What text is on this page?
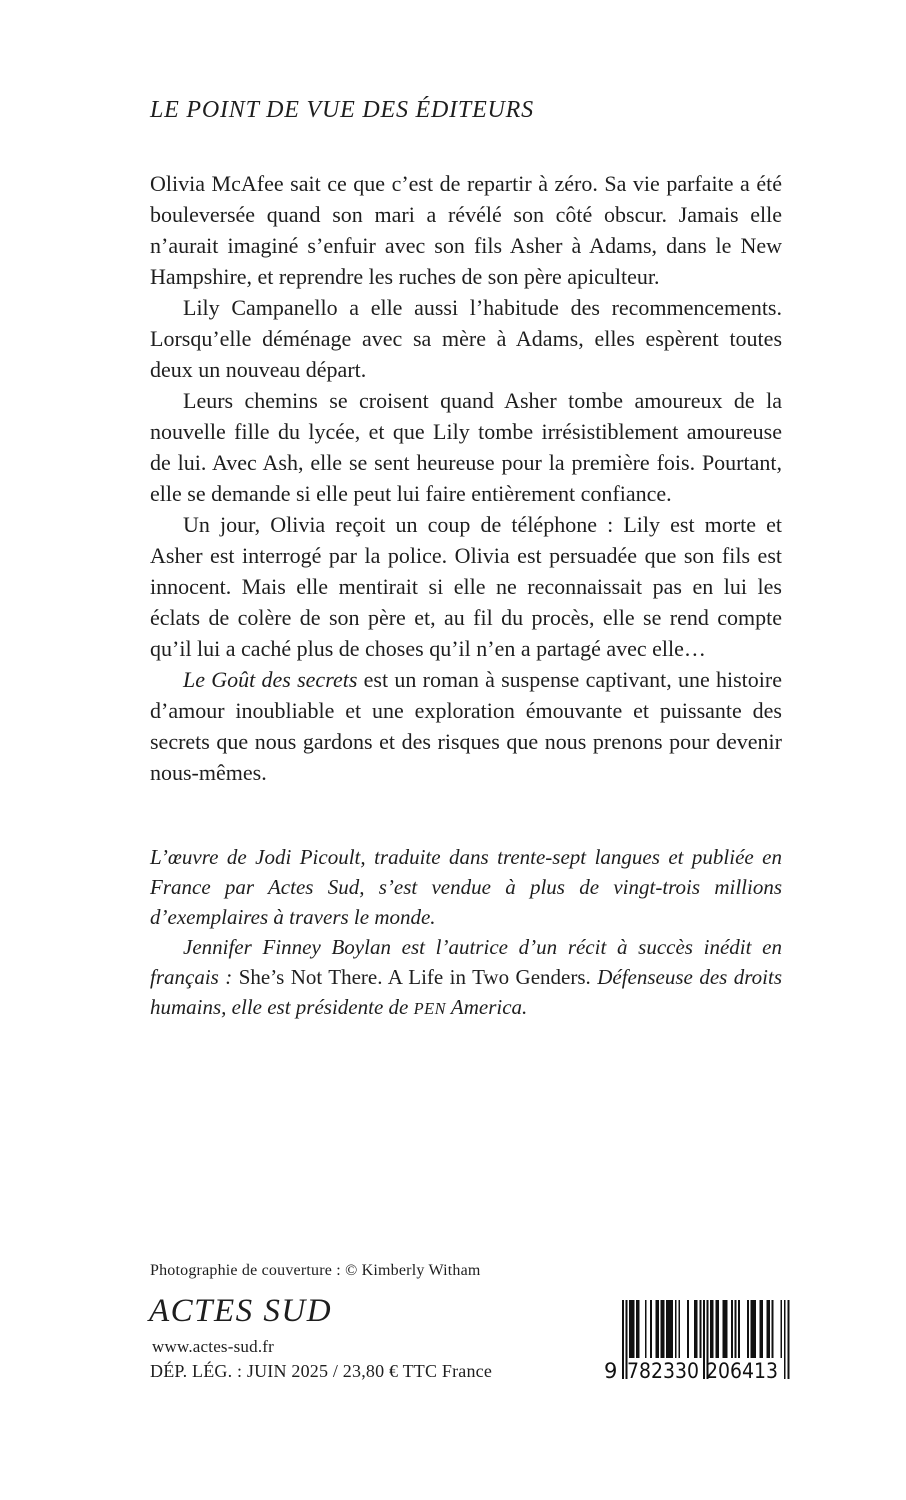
LE POINT DE VUE DES ÉDITEURS

Olivia McAfee sait ce que c’est de repartir à zéro. Sa vie parfaite a été bouleversée quand son mari a révélé son côté obscur. Jamais elle n’aurait imaginé s’enfuir avec son fils Asher à Adams, dans le New Hampshire, et reprendre les ruches de son père apiculteur.

Lily Campanello a elle aussi l’habitude des recommencements. Lorsqu’elle déménage avec sa mère à Adams, elles espèrent toutes deux un nouveau départ.

Leurs chemins se croisent quand Asher tombe amoureux de la nouvelle fille du lycée, et que Lily tombe irrésistiblement amoureuse de lui. Avec Ash, elle se sent heureuse pour la première fois. Pourtant, elle se demande si elle peut lui faire entièrement confiance.

Un jour, Olivia reçoit un coup de téléphone : Lily est morte et Asher est interrogé par la police. Olivia est persuadée que son fils est innocent. Mais elle mentirait si elle ne reconnaissait pas en lui les éclats de colère de son père et, au fil du procès, elle se rend compte qu’il lui a caché plus de choses qu’il n’en a partagé avec elle…

Le Goût des secrets est un roman à suspense captivant, une histoire d’amour inoubliable et une exploration émouvante et puissante des secrets que nous gardons et des risques que nous prenons pour devenir nous-mêmes.

L’œuvre de Jodi Picoult, traduite dans trente-sept langues et publiée en France par Actes Sud, s’est vendue à plus de vingt-trois millions d’exemplaires à travers le monde.

Jennifer Finney Boylan est l’autrice d’un récit à succès inédit en français : She’s Not There. A Life in Two Genders. Défenseuse des droits humains, elle est présidente de PEN America.

Photographie de couverture : © Kimberly Witham
ACTES SUD
www.actes-sud.fr
DÉP. LÉG. : JUIN 2025 / 23,80 € TTC France	9 782330 206413
